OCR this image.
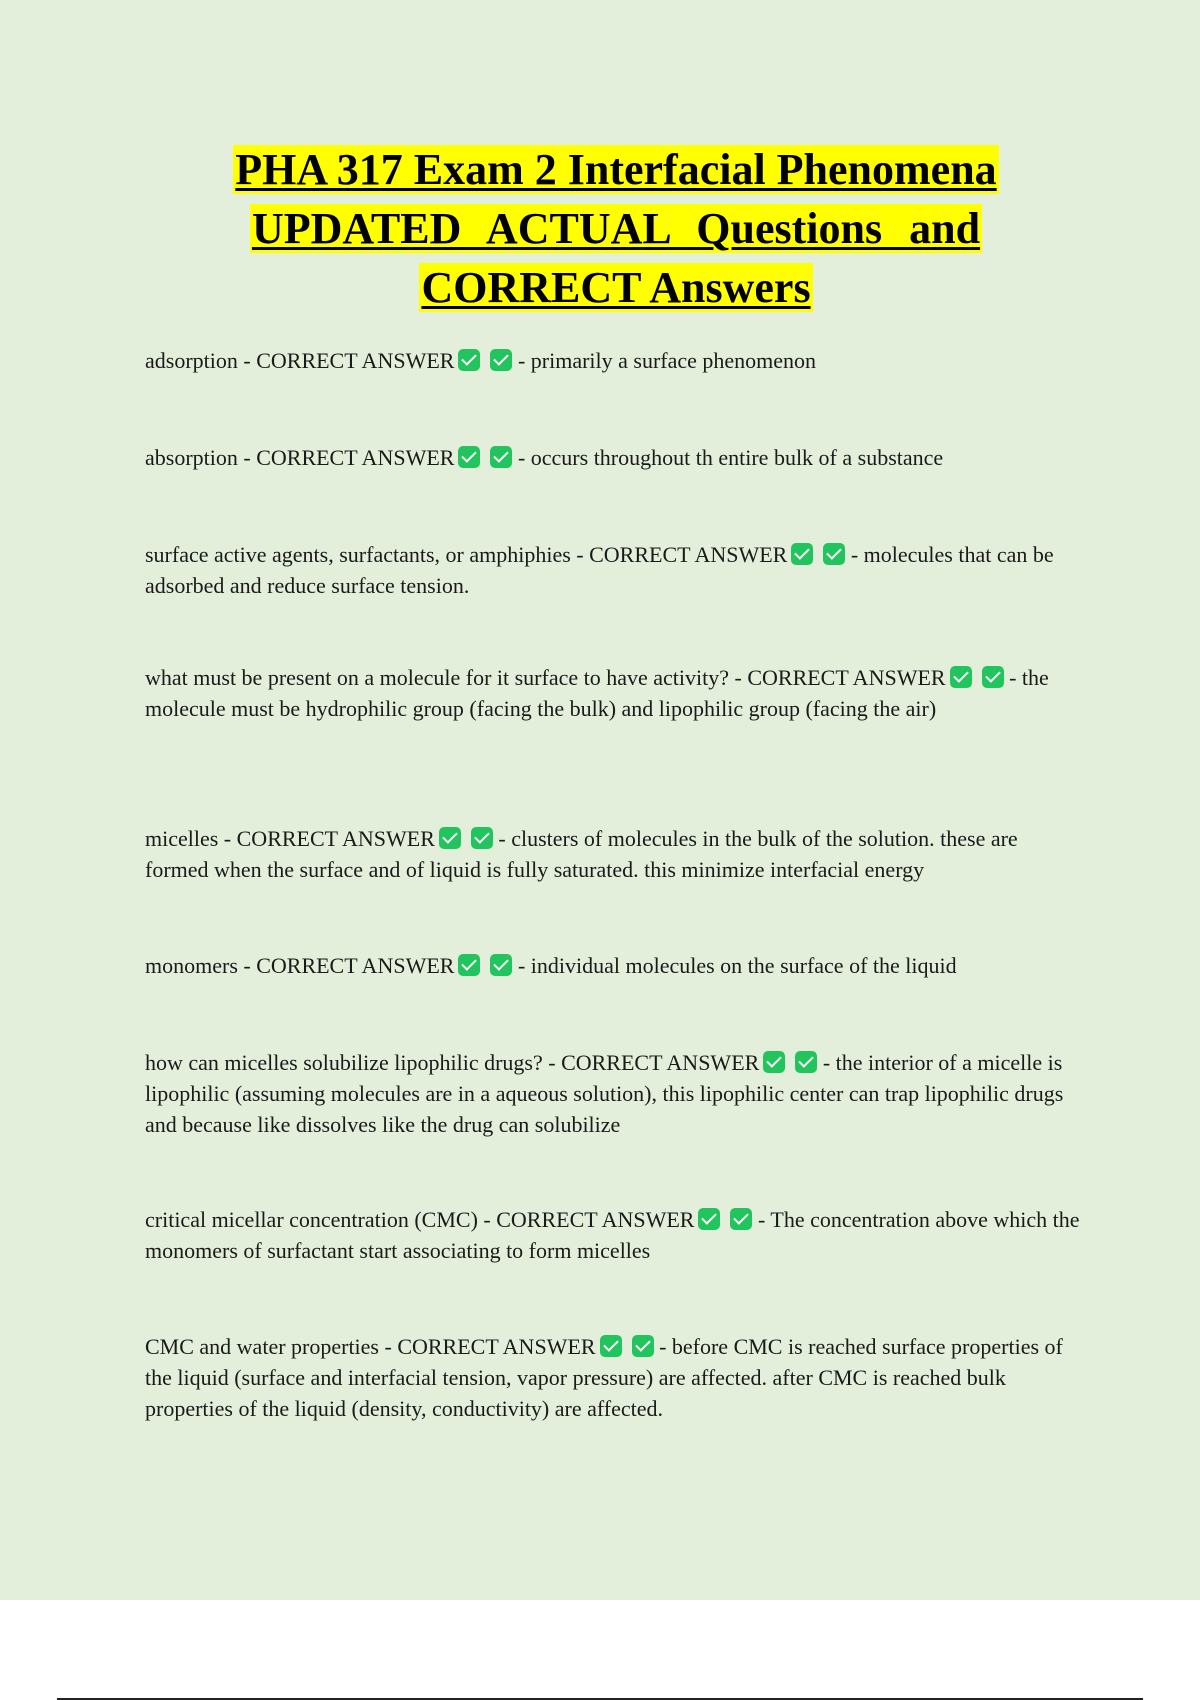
PHA 317 Exam 2 Interfacial Phenomena
UPDATED ACTUAL Questions and
CORRECT Answers

adsorption - CORRECT ANSWER	- primarily a surface phenomenon

absorption - CORRECT ANSWER	- occurs throughout th entire bulk of a substance

surface active agents, surfactants, or amphiphies - CORRECT ANSWER	- molecules that can be adsorbed and reduce surface tension.

what must be present on a molecule for it surface to have activity? - CORRECT ANSWER	- the molecule must be hydrophilic group (facing the bulk) and lipophilic group (facing the air)

micelles - CORRECT ANSWER	- clusters of molecules in the bulk of the solution. these are formed when the surface and of liquid is fully saturated. this minimize interfacial energy

monomers - CORRECT ANSWER	- individual molecules on the surface of the liquid

how can micelles solubilize lipophilic drugs? - CORRECT ANSWER	- the interior of a micelle is lipophilic (assuming molecules are in a aqueous solution), this lipophilic center can trap lipophilic drugs and because like dissolves like the drug can solubilize

critical micellar concentration (CMC) - CORRECT ANSWER	- The concentration above which the monomers of surfactant start associating to form micelles

CMC and water properties - CORRECT ANSWER	- before CMC is reached surface properties of the liquid (surface and interfacial tension, vapor pressure) are affected. after CMC is reached bulk properties of the liquid (density, conductivity) are affected.
